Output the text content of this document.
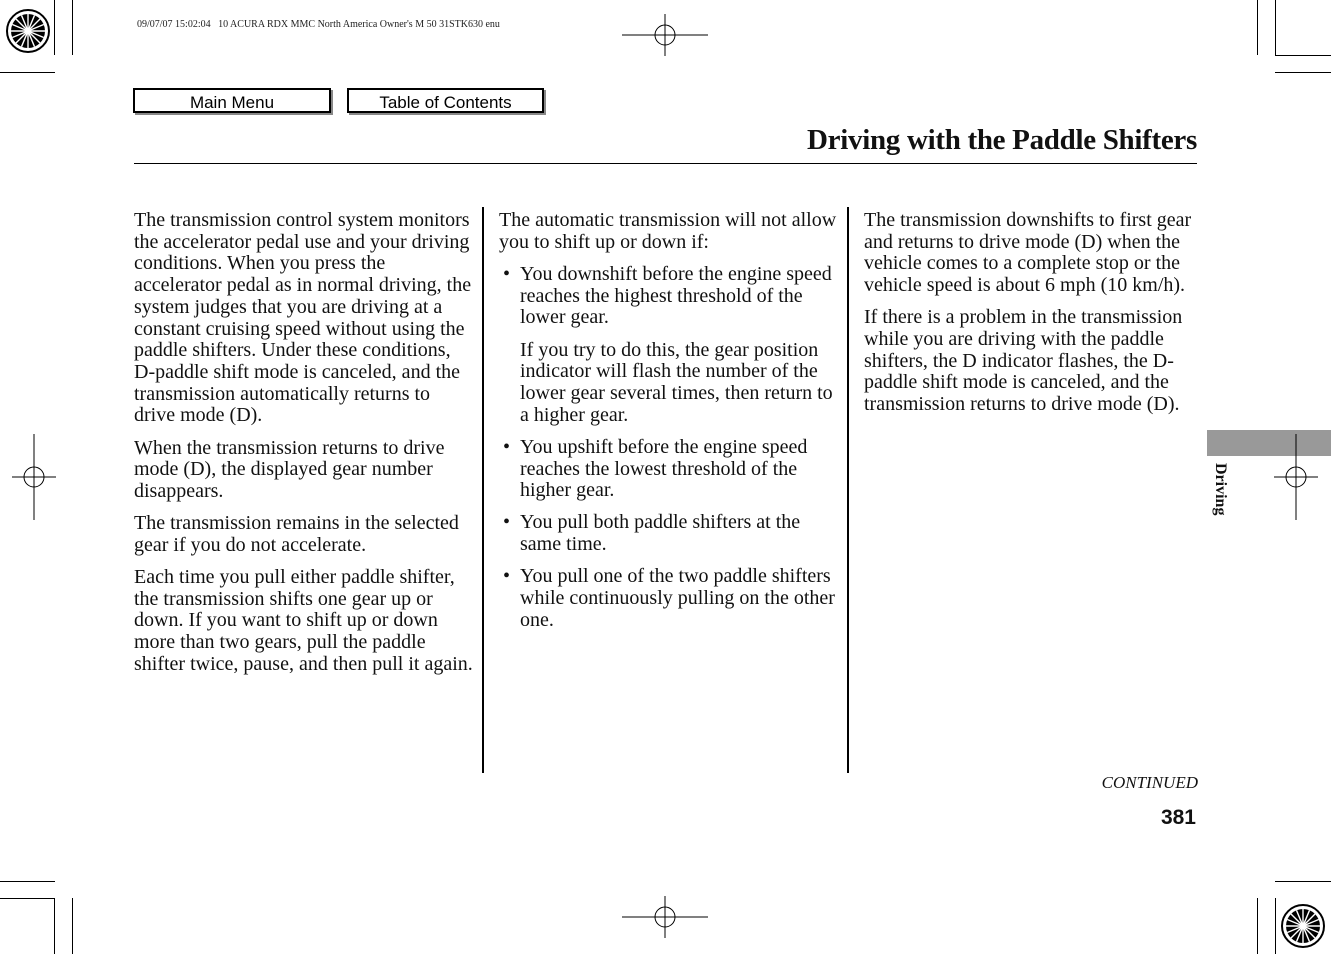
09/07/07 15:02:04   10 ACURA RDX MMC North America Owner's M 50 31STK630 enu
Main Menu	Table of Contents
Driving with the Paddle Shifters

The transmission control system monitors the accelerator pedal use and your driving conditions. When you press the accelerator pedal as in normal driving, the system judges that you are driving at a constant cruising speed without using the paddle shifters. Under these conditions, D-paddle shift mode is canceled, and the transmission automatically returns to drive mode (D).

When the transmission returns to drive mode (D), the displayed gear number disappears.

The transmission remains in the selected gear if you do not accelerate.

Each time you pull either paddle shifter, the transmission shifts one gear up or down. If you want to shift up or down more than two gears, pull the paddle shifter twice, pause, and then pull it again.

The automatic transmission will not allow you to shift up or down if:

• You downshift before the engine speed reaches the highest threshold of the lower gear.

If you try to do this, the gear position indicator will flash the number of the lower gear several times, then return to a higher gear.

• You upshift before the engine speed reaches the lowest threshold of the higher gear.
• You pull both paddle shifters at the same time.
• You pull one of the two paddle shifters while continuously pulling on the other one.

The transmission downshifts to first gear and returns to drive mode (D) when the vehicle comes to a complete stop or the vehicle speed is about 6 mph (10 km/h).

If there is a problem in the transmission while you are driving with the paddle shifters, the D indicator flashes, the D-paddle shift mode is canceled, and the transmission returns to drive mode (D).

Driving
CONTINUED
381
